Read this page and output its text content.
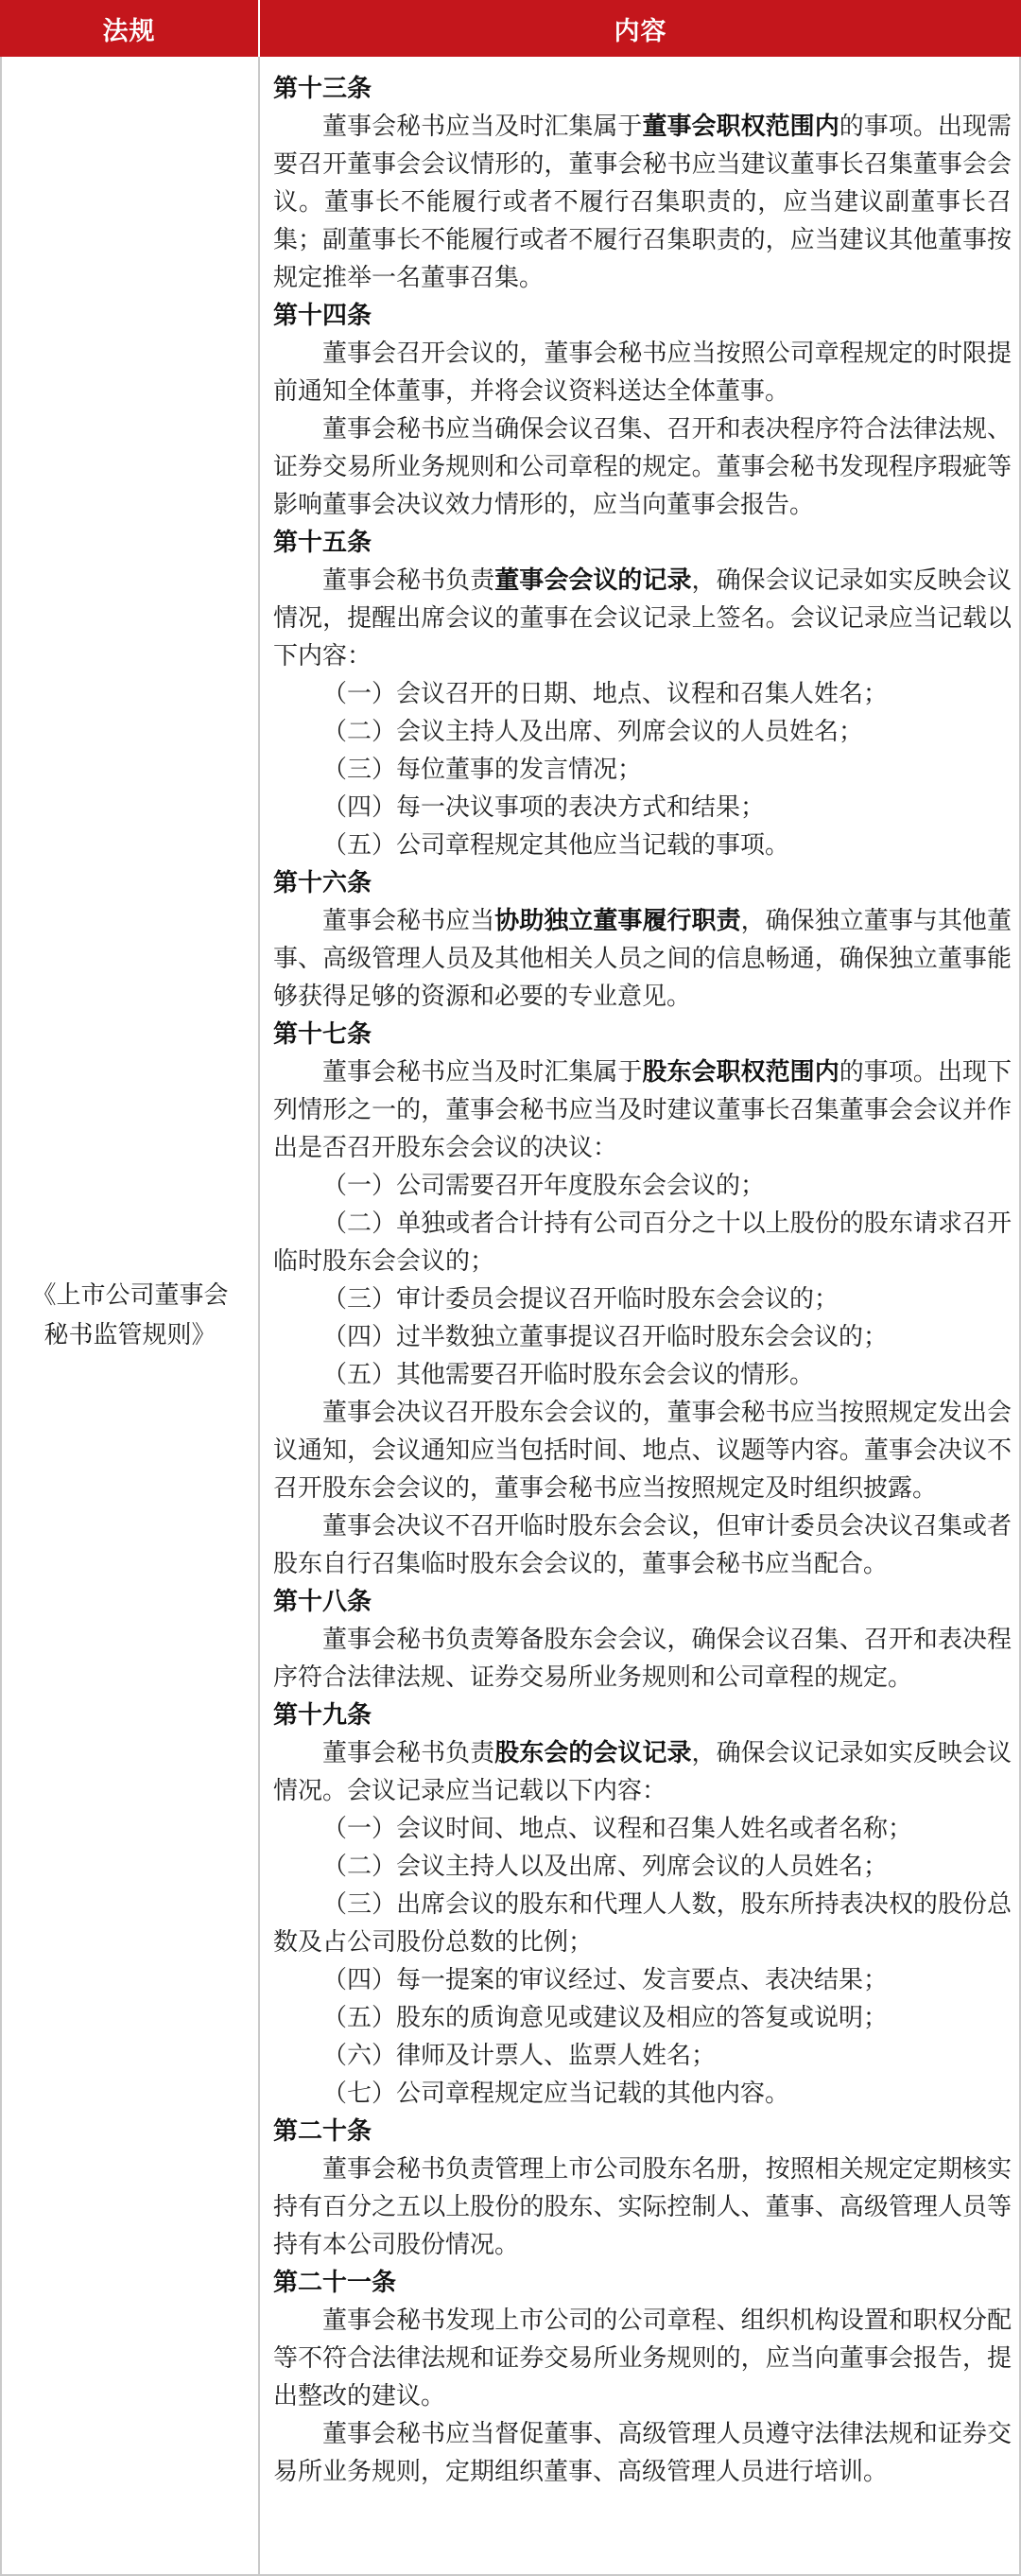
法规	内容
《上市公司董事会秘书监管规则》
第十三条
董事会秘书应当及时汇集属于董事会职权范围内的事项。出现需要召开董事会会议情形的，董事会秘书应当建议董事长召集董事会会议。董事长不能履行或者不履行召集职责的，应当建议副董事长召集；副董事长不能履行或者不履行召集职责的，应当建议其他董事按规定推举一名董事召集。
第十四条
董事会召开会议的，董事会秘书应当按照公司章程规定的时限提前通知全体董事，并将会议资料送达全体董事。
董事会秘书应当确保会议召集、召开和表决程序符合法律法规、证券交易所业务规则和公司章程的规定。董事会秘书发现程序瑕疵等影响董事会决议效力情形的，应当向董事会报告。
第十五条
董事会秘书负责董事会会议的记录，确保会议记录如实反映会议情况，提醒出席会议的董事在会议记录上签名。会议记录应当记载以下内容：
（一）会议召开的日期、地点、议程和召集人姓名；
（二）会议主持人及出席、列席会议的人员姓名；
（三）每位董事的发言情况；
（四）每一决议事项的表决方式和结果；
（五）公司章程规定其他应当记载的事项。
第十六条
董事会秘书应当协助独立董事履行职责，确保独立董事与其他董事、高级管理人员及其他相关人员之间的信息畅通，确保独立董事能够获得足够的资源和必要的专业意见。
第十七条
董事会秘书应当及时汇集属于股东会职权范围内的事项。出现下列情形之一的，董事会秘书应当及时建议董事长召集董事会会议并作出是否召开股东会会议的决议：
（一）公司需要召开年度股东会会议的；
（二）单独或者合计持有公司百分之十以上股份的股东请求召开临时股东会会议的；
（三）审计委员会提议召开临时股东会会议的；
（四）过半数独立董事提议召开临时股东会会议的；
（五）其他需要召开临时股东会会议的情形。
董事会决议召开股东会会议的，董事会秘书应当按照规定发出会议通知，会议通知应当包括时间、地点、议题等内容。董事会决议不召开股东会会议的，董事会秘书应当按照规定及时组织披露。
董事会决议不召开临时股东会会议，但审计委员会决议召集或者股东自行召集临时股东会会议的，董事会秘书应当配合。
第十八条
董事会秘书负责筹备股东会会议，确保会议召集、召开和表决程序符合法律法规、证券交易所业务规则和公司章程的规定。
第十九条
董事会秘书负责股东会的会议记录，确保会议记录如实反映会议情况。会议记录应当记载以下内容：
（一）会议时间、地点、议程和召集人姓名或者名称；
（二）会议主持人以及出席、列席会议的人员姓名；
（三）出席会议的股东和代理人人数，股东所持表决权的股份总数及占公司股份总数的比例；
（四）每一提案的审议经过、发言要点、表决结果；
（五）股东的质询意见或建议及相应的答复或说明；
（六）律师及计票人、监票人姓名；
（七）公司章程规定应当记载的其他内容。
第二十条
董事会秘书负责管理上市公司股东名册，按照相关规定定期核实持有百分之五以上股份的股东、实际控制人、董事、高级管理人员等持有本公司股份情况。
第二十一条
董事会秘书发现上市公司的公司章程、组织机构设置和职权分配等不符合法律法规和证券交易所业务规则的，应当向董事会报告，提出整改的建议。
董事会秘书应当督促董事、高级管理人员遵守法律法规和证券交易所业务规则，定期组织董事、高级管理人员进行培训。
